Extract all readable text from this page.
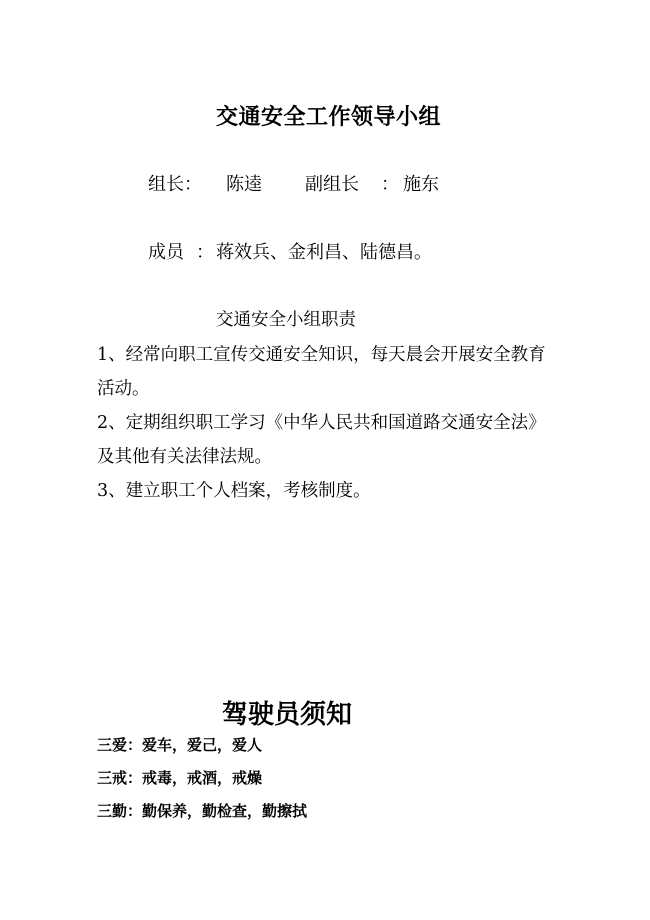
交通安全工作领导小组
组长： 陈逵 副组长 ： 施东
成员 ： 蒋效兵、金利昌、陆德昌。
交通安全小组职责
1、经常向职工宣传交通安全知识，每天晨会开展安全教育活动。
2、定期组织职工学习《中华人民共和国道路交通安全法》及其他有关法律法规。
3、建立职工个人档案，考核制度。
驾驶员须知
三爱：爱车，爱己，爱人
三戒：戒毒，戒酒，戒燥
三勤：勤保养，勤检查，勤擦拭
